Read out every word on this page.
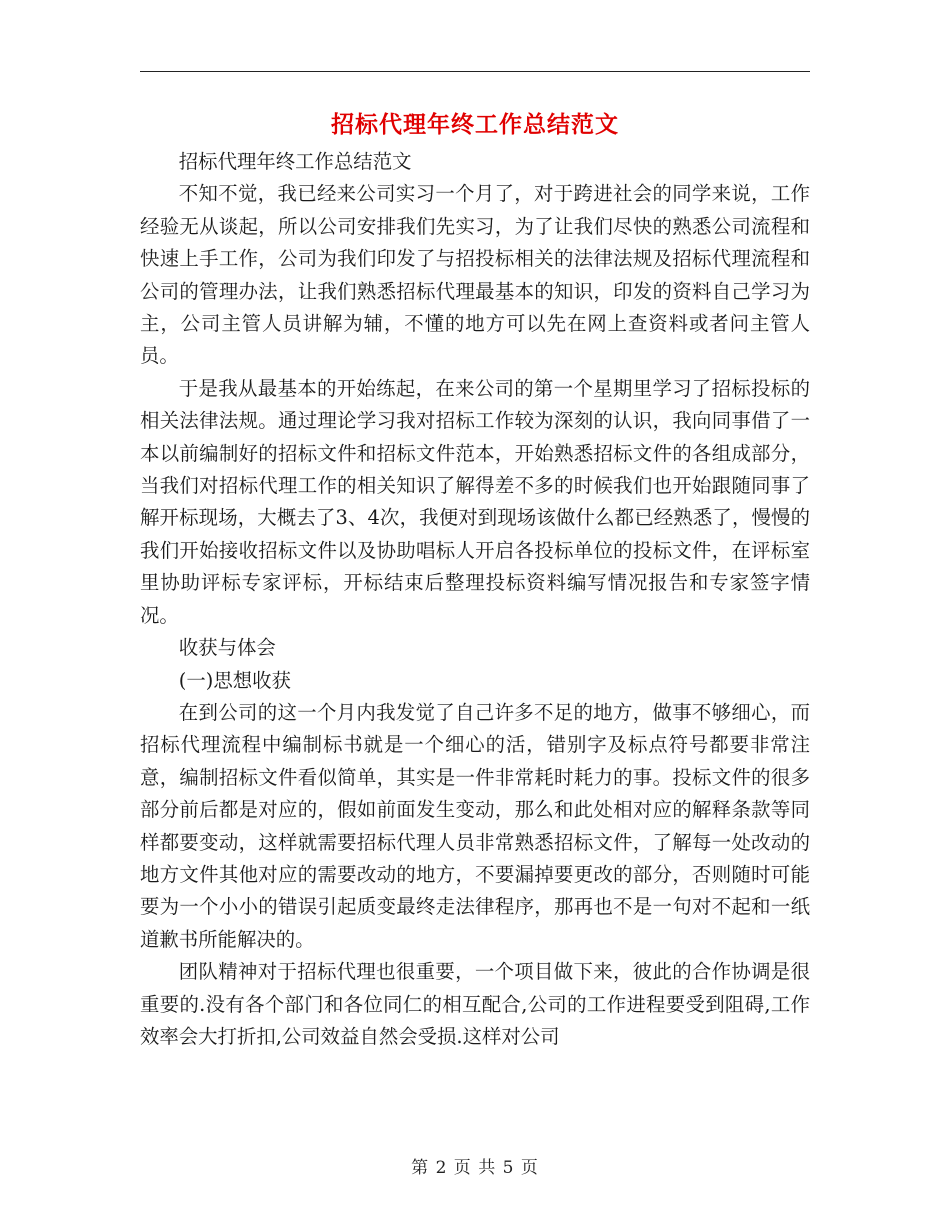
招标代理年终工作总结范文

招标代理年终工作总结范文

不知不觉，我已经来公司实习一个月了，对于跨进社会的同学来说，工作经验无从谈起，所以公司安排我们先实习，为了让我们尽快的熟悉公司流程和快速上手工作，公司为我们印发了与招投标相关的法律法规及招标代理流程和公司的管理办法，让我们熟悉招标代理最基本的知识，印发的资料自己学习为主，公司主管人员讲解为辅，不懂的地方可以先在网上查资料或者问主管人员。

于是我从最基本的开始练起，在来公司的第一个星期里学习了招标投标的相关法律法规。通过理论学习我对招标工作较为深刻的认识，我向同事借了一本以前编制好的招标文件和招标文件范本，开始熟悉招标文件的各组成部分，当我们对招标代理工作的相关知识了解得差不多的时候我们也开始跟随同事了解开标现场，大概去了3、4次，我便对到现场该做什么都已经熟悉了，慢慢的我们开始接收招标文件以及协助唱标人开启各投标单位的投标文件，在评标室里协助评标专家评标，开标结束后整理投标资料编写情况报告和专家签字情况。

收获与体会

(一)思想收获

在到公司的这一个月内我发觉了自己许多不足的地方，做事不够细心，而招标代理流程中编制标书就是一个细心的活，错别字及标点符号都要非常注意，编制招标文件看似简单，其实是一件非常耗时耗力的事。投标文件的很多部分前后都是对应的，假如前面发生变动，那么和此处相对应的解释条款等同样都要变动，这样就需要招标代理人员非常熟悉招标文件，了解每一处改动的地方文件其他对应的需要改动的地方，不要漏掉要更改的部分，否则随时可能要为一个小小的错误引起质变最终走法律程序，那再也不是一句对不起和一纸道歉书所能解决的。

团队精神对于招标代理也很重要，一个项目做下来，彼此的合作协调是很重要的.没有各个部门和各位同仁的相互配合,公司的工作进程要受到阻碍,工作效率会大打折扣,公司效益自然会受损.这样对公司

第 2 页 共 5 页
